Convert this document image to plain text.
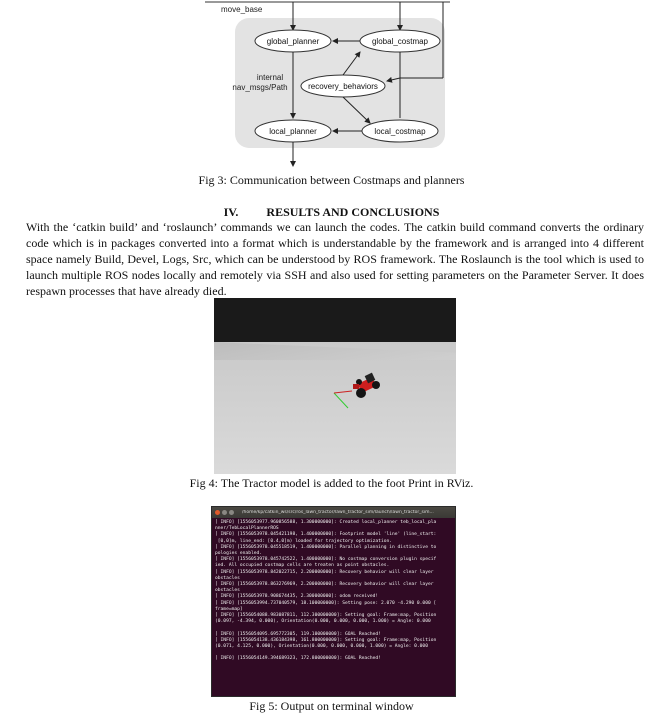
move_base
global_planner	global_costmap
recovery_behaviors
local_planner	local_costmap
internal
nav_msgs/Path
Fig 3: Communication between Costmaps and planners
IV. RESULTS AND CONCLUSIONS
With the ‘catkin build’ and ‘roslaunch’ commands we can launch the codes. The catkin build command converts the ordinary code which is in packages converted into a format which is understandable by the framework and is arranged into 4 different space namely Build, Devel, Logs, Src, which can be understood by ROS framework. The Roslaunch is the tool which is used to launch multiple ROS nodes locally and remotely via SSH and also used for setting parameters on the Parameter Server. It does respawn processes that have already died.
Fig 4: The Tractor model is added to the foot Print in RViz.
/home/kp/catkin_ws/src/ros_lawn_tractor/lawn_tractor_sim/launch/lawn_tractor_sim...
[ INFO] [1556053977.960856588, 1.300000000]: Created local_planner teb_local_pla
nner/TebLocalPlannerROS
[ INFO] [1556053978.045421198, 1.400000000]: Footprint model 'line' (line_start:
[0,0]m, line_end: [0.4,0]m) loaded for trajectory optimization.
[ INFO] [1556053978.045518519, 1.400000000]: Parallel planning in distinctive to
pologies enabled.
[ INFO] [1556053978.045742522, 1.400000000]: No costmap conversion plugin specif
ied. All occupied costmap cells are treaten as point obstacles.
[ INFO] [1556053978.842022715, 2.200000000]: Recovery behavior will clear layer
obstacles
[ INFO] [1556053978.863276969, 2.200000000]: Recovery behavior will clear layer
obstacles
[ INFO] [1556053978.908674435, 2.300000000]: odom received!
[ INFO] [1556053994.737040579, 18.100000000]: Setting pose: 2.070 -4.290 0.000 [
frame=map]
[ INFO] [1556054088.983087811, 112.300000000]: Setting goal: Frame:map, Position
(0.097, -4.394, 0.000), Orientation(0.000, 0.000, 0.000, 1.000) = Angle: 0.000

[ INFO] [1556054095.695772305, 119.100000000]: GOAL Reached!
[ INFO] [1556054138.436184398, 161.800000000]: Setting goal: Frame:map, Position
(0.071, 4.125, 0.000), Orientation(0.000, 0.000, 0.000, 1.000) = Angle: 0.000

[ INFO] [1556054149.394689323, 172.800000000]: GOAL Reached!
Fig 5: Output on terminal window
